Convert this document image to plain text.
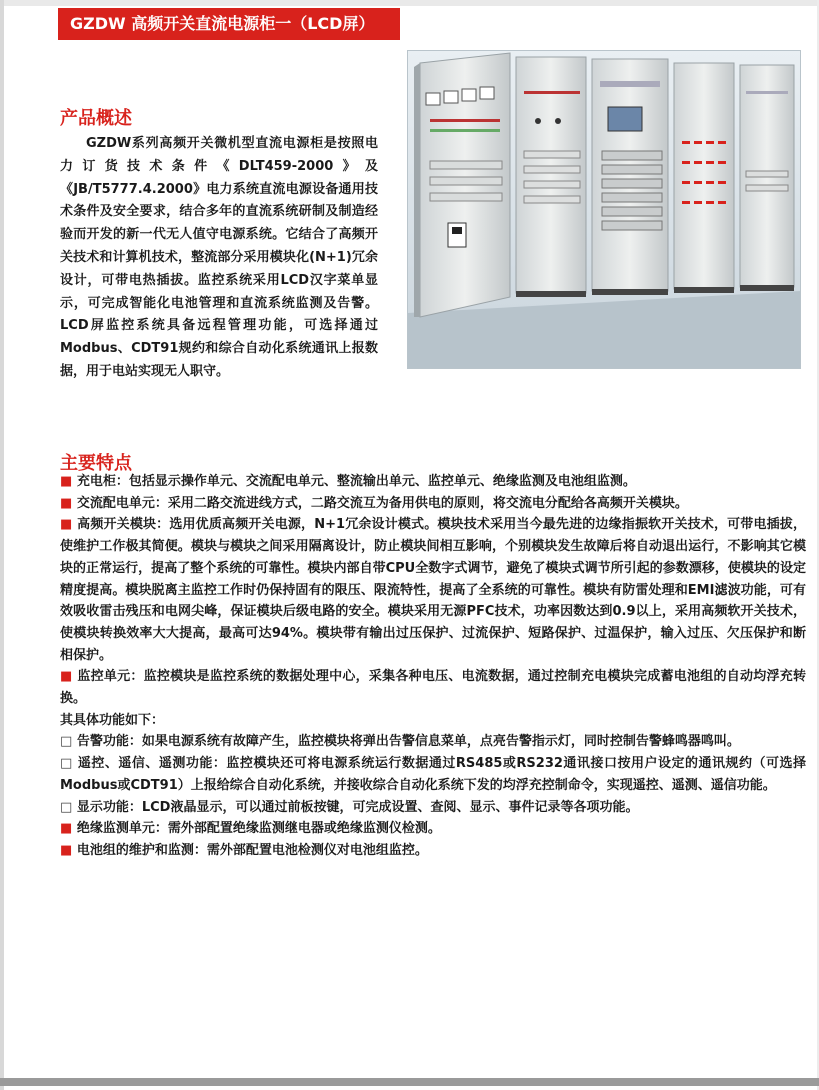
GZDW 高频开关直流电源柜一（LCD屏）
产品概述

GZDW系列高频开关微机型直流电源柜是按照电力订货技术条件《DLT459-2000》及《JB/T5777.4.2000》电力系统直流电源设备通用技术条件及安全要求，结合多年的直流系统研制及制造经验而开发的新一代无人值守电源系统。它结合了高频开关技术和计算机技术，整流部分采用模块化(N+1)冗余设计，可带电热插拔。监控系统采用LCD汉字菜单显示，可完成智能化电池管理和直流系统监测及告警。LCD屏监控系统具备远程管理功能，可选择通过 Modbus、CDT91规约和综合自动化系统通讯上报数据，用于电站实现无人职守。

主要特点

■ 充电柜：包括显示操作单元、交流配电单元、整流输出单元、监控单元、绝缘监测及电池组监测。

■ 交流配电单元：采用二路交流进线方式，二路交流互为备用供电的原则，将交流电分配给各高频开关模块。

■ 高频开关模块：选用优质高频开关电源，N+1冗余设计模式。模块技术采用当今最先进的边缘指振软开关技术，可带电插拔，使维护工作极其简便。模块与模块之间采用隔离设计，防止模块间相互影响，个别模块发生故障后将自动退出运行，不影响其它模块的正常运行，提高了整个系统的可靠性。模块内部自带CPU全数字式调节，避免了模块式调节所引起的参数漂移，使模块的设定精度提高。模块脱离主监控工作时仍保持固有的限压、限流特性，提高了全系统的可靠性。模块有防雷处理和EMI滤波功能，可有效吸收雷击残压和电网尖峰，保证模块后级电路的安全。模块采用无源PFC技术，功率因数达到0.9以上，采用高频软开关技术，使模块转换效率大大提高，最高可达94%。模块带有输出过压保护、过流保护、短路保护、过温保护，输入过压、欠压保护和断相保护。

■ 监控单元：监控模块是监控系统的数据处理中心，采集各种电压、电流数据，通过控制充电模块完成蓄电池组的自动均浮充转换。

其具体功能如下：

□ 告警功能：如果电源系统有故障产生，监控模块将弹出告警信息菜单，点亮告警指示灯，同时控制告警蜂鸣器鸣叫。

□ 遥控、遥信、遥测功能：监控模块还可将电源系统运行数据通过RS485或RS232通讯接口按用户设定的通讯规约（可选择Modbus或CDT91）上报给综合自动化系统，并接收综合自动化系统下发的均浮充控制命令，实现遥控、遥测、遥信功能。

□ 显示功能：LCD液晶显示，可以通过前板按键，可完成设置、查阅、显示、事件记录等各项功能。

■ 绝缘监测单元：需外部配置绝缘监测继电器或绝缘监测仪检测。

■ 电池组的维护和监测：需外部配置电池检测仪对电池组监控。
